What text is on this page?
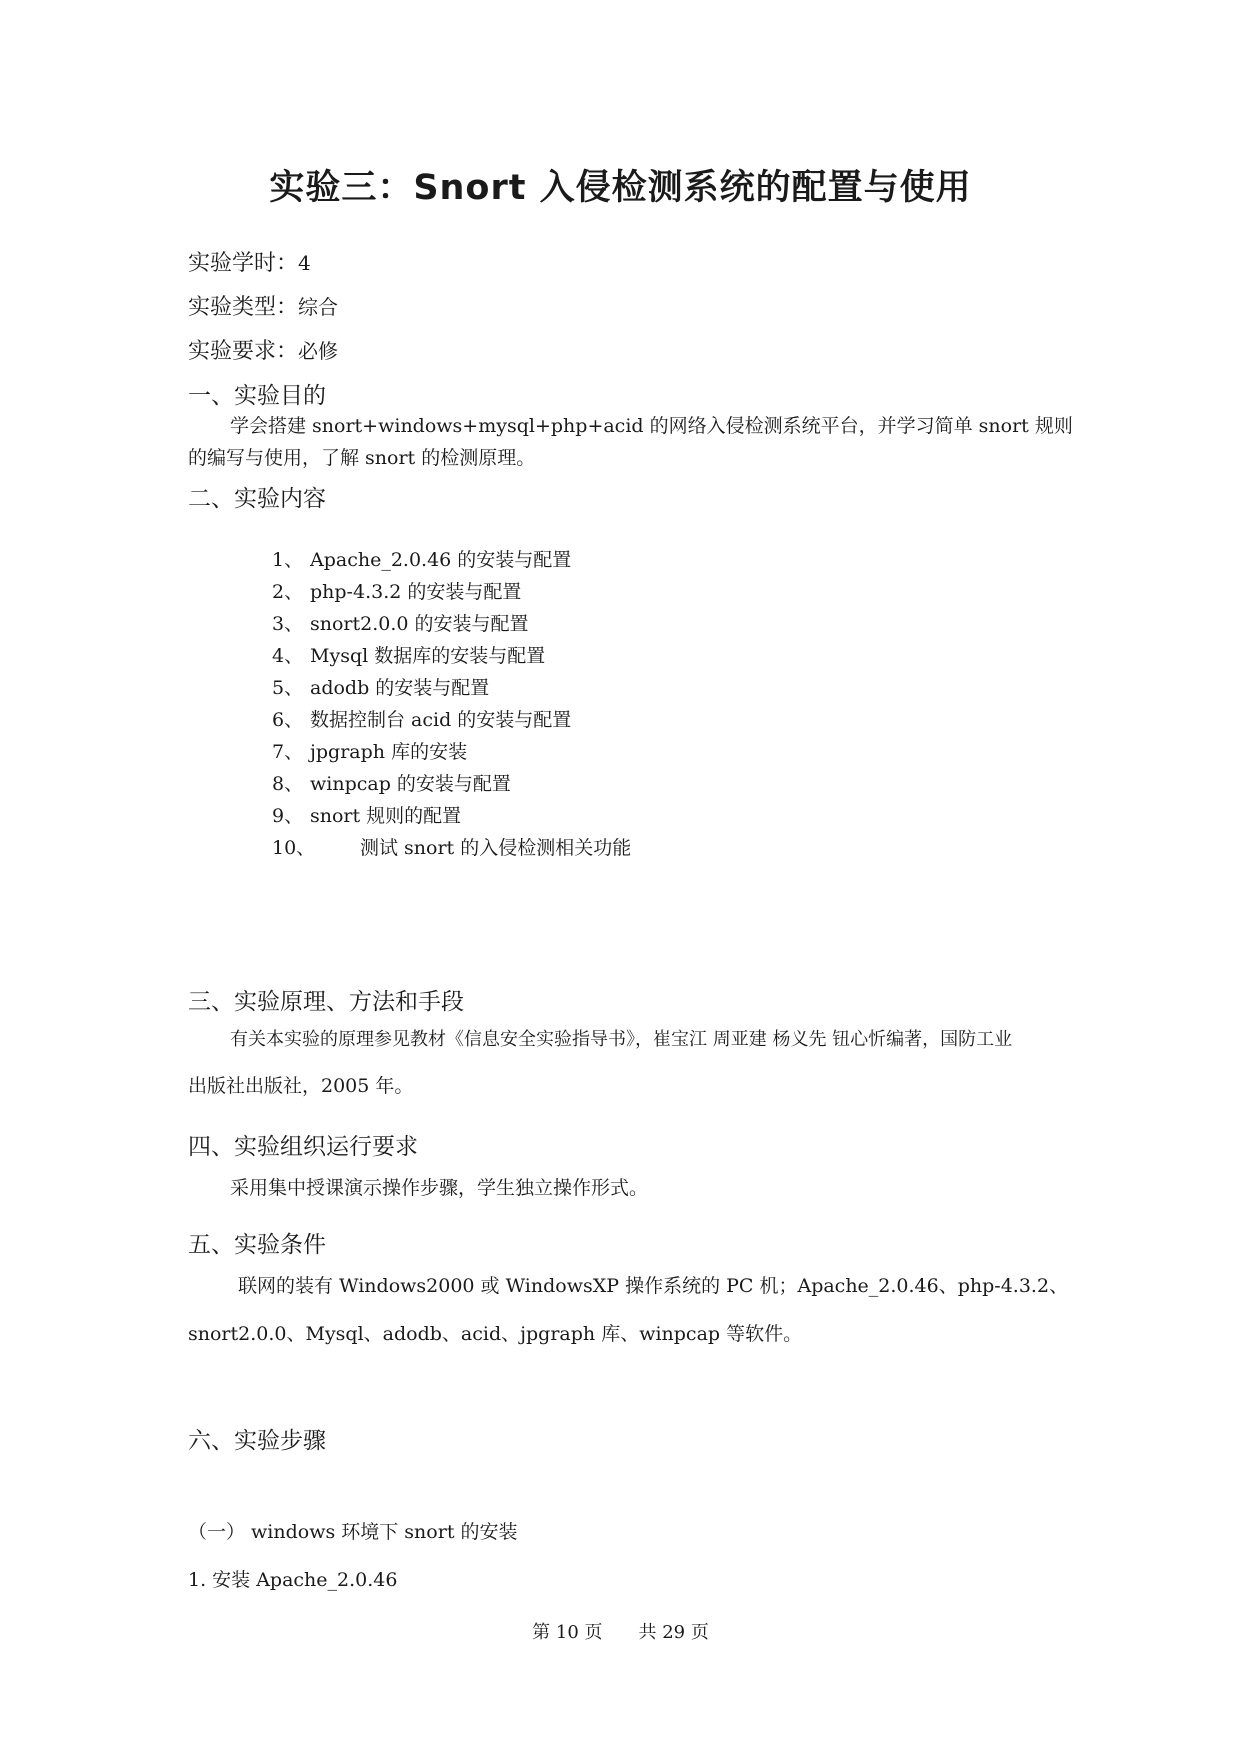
实验三：Snort 入侵检测系统的配置与使用
实验学时：4
实验类型：综合
实验要求：必修
一、实验目的
学会搭建 snort+windows+mysql+php+acid 的网络入侵检测系统平台，并学习简单 snort 规则
的编写与使用，了解 snort 的检测原理。
二、实验内容
1、 Apache_2.0.46 的安装与配置
2、 php-4.3.2 的安装与配置
3、 snort2.0.0 的安装与配置
4、 Mysql 数据库的安装与配置
5、 adodb 的安装与配置
6、 数据控制台 acid 的安装与配置
7、 jpgraph 库的安装
8、 winpcap 的安装与配置
9、 snort 规则的配置
10、 测试 snort 的入侵检测相关功能
三、实验原理、方法和手段
有关本实验的原理参见教材《信息安全实验指导书》，崔宝江 周亚建 杨义先 钮心忻编著，国防工业
出版社出版社，2005 年。
四、实验组织运行要求
采用集中授课演示操作步骤，学生独立操作形式。
五、实验条件
联网的装有 Windows2000 或 WindowsXP 操作系统的 PC 机；Apache_2.0.46、php-4.3.2、
snort2.0.0、Mysql、adodb、acid、jpgraph 库、winpcap 等软件。
六、实验步骤
（一） windows 环境下 snort 的安装
1. 安装 Apache_2.0.46
第 10 页 共 29 页
